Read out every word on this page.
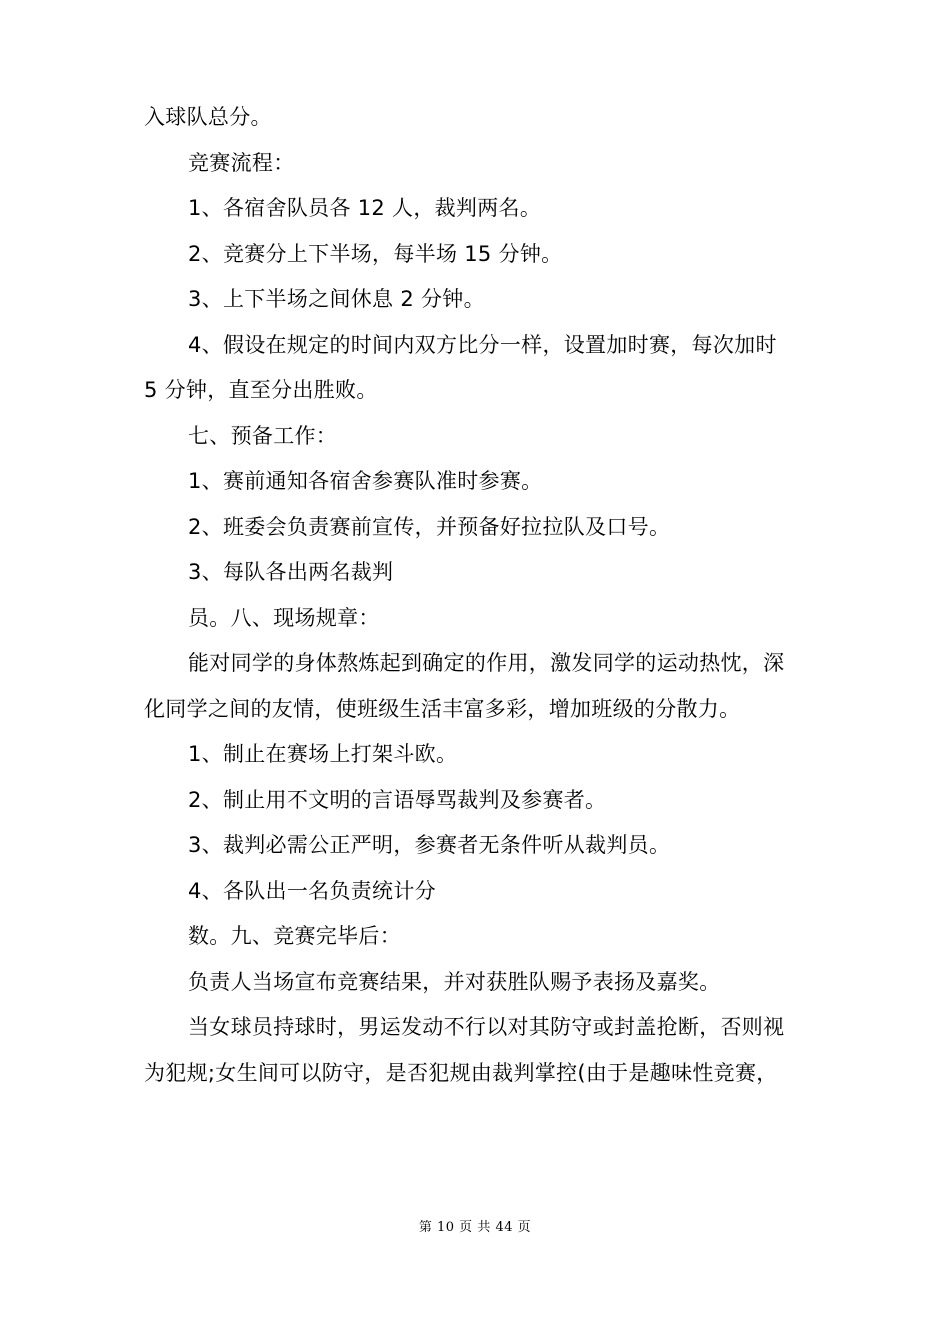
入球队总分。
竞赛流程：
1、各宿舍队员各 12 人，裁判两名。
2、竞赛分上下半场，每半场 15 分钟。
3、上下半场之间休息 2 分钟。
4、假设在规定的时间内双方比分一样，设置加时赛，每次加时
5 分钟，直至分出胜败。
七、预备工作：
1、赛前通知各宿舍参赛队准时参赛。
2、班委会负责赛前宣传，并预备好拉拉队及口号。
3、每队各出两名裁判
员。八、现场规章：
能对同学的身体熬炼起到确定的作用，激发同学的运动热忱，深
化同学之间的友情，使班级生活丰富多彩，增加班级的分散力。
1、制止在赛场上打架斗欧。
2、制止用不文明的言语辱骂裁判及参赛者。
3、裁判必需公正严明，参赛者无条件听从裁判员。
4、各队出一名负责统计分
数。九、竞赛完毕后：
负责人当场宣布竞赛结果，并对获胜队赐予表扬及嘉奖。
当女球员持球时，男运发动不行以对其防守或封盖抢断，否则视
为犯规;女生间可以防守，是否犯规由裁判掌控(由于是趣味性竞赛，
第 10 页 共 44 页
